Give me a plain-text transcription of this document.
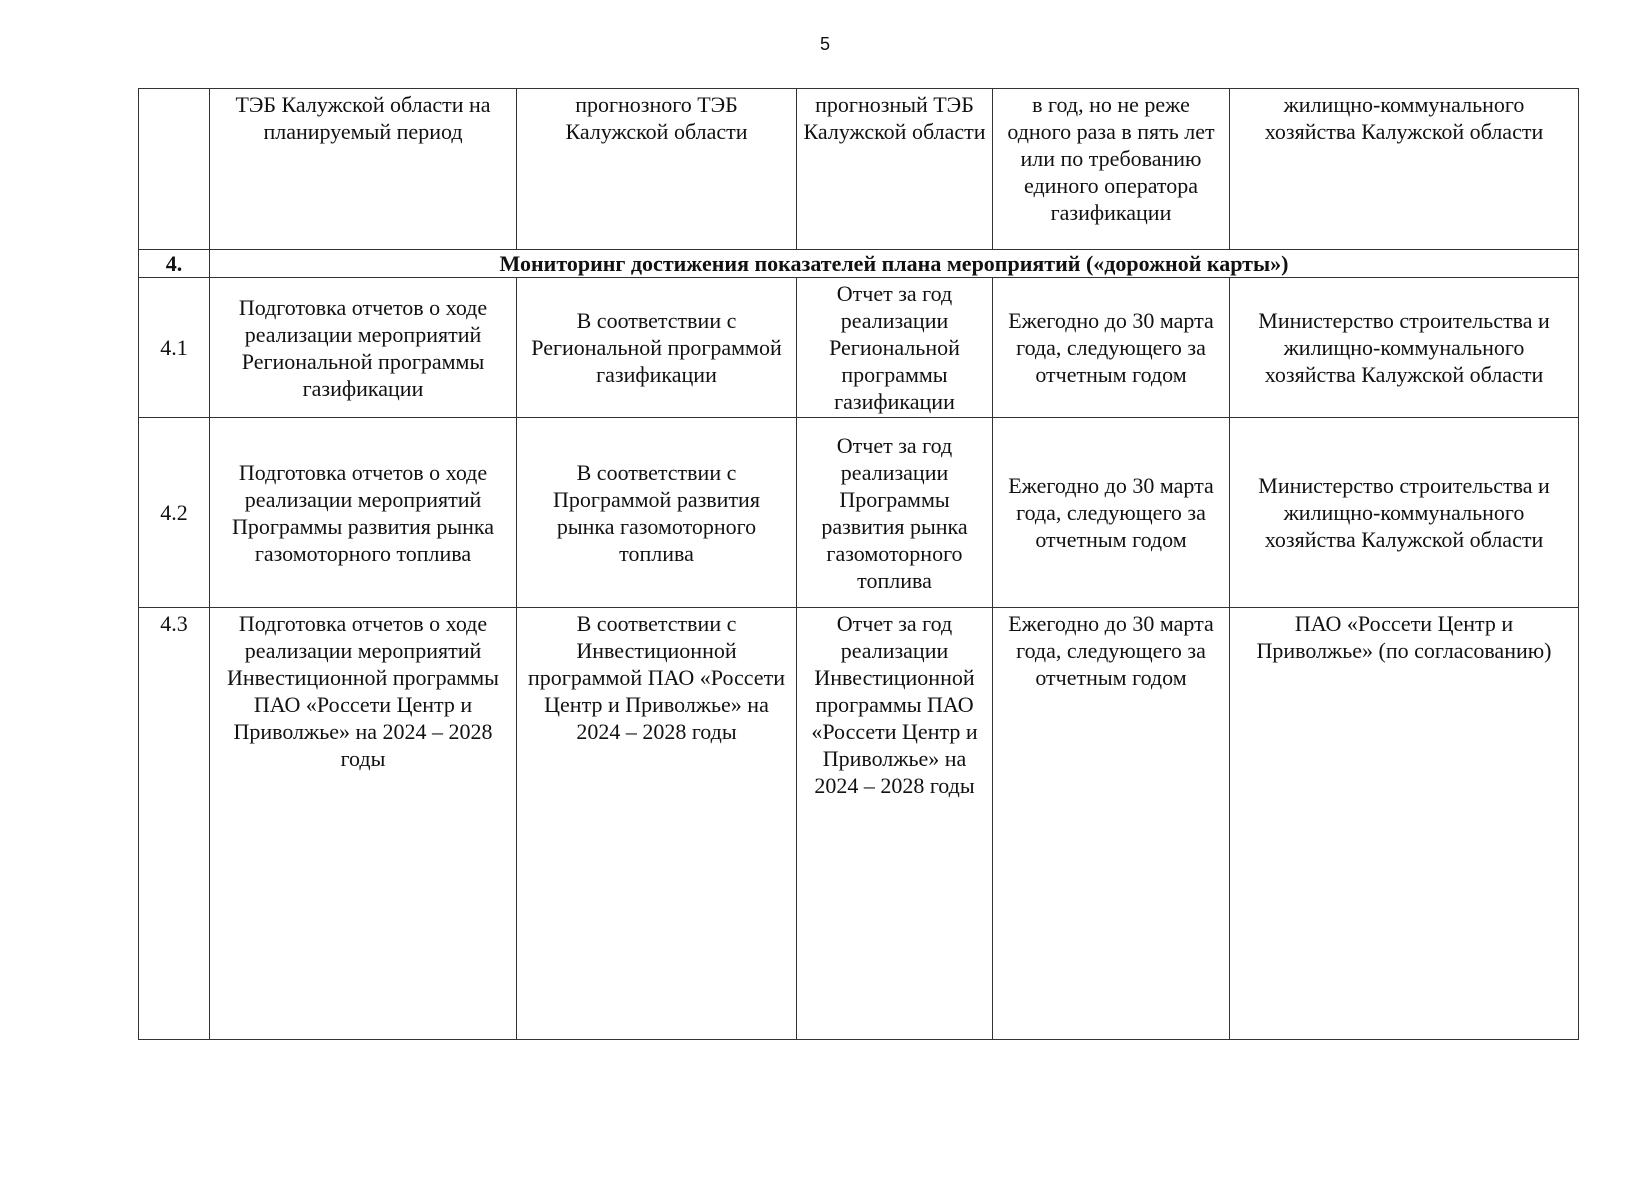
5
	ТЭБ Калужской области на планируемый период	прогнозного ТЭБ Калужской области	прогнозный ТЭБ Калужской области	в год, но не реже одного раза в пять лет или по требованию единого оператора газификации	жилищно-коммунального хозяйства Калужской области
4.	Мониторинг достижения показателей плана мероприятий («дорожной карты»)				
4.1	Подготовка отчетов о ходе реализации мероприятий Региональной программы газификации	В соответствии с Региональной программой газификации	Отчет за год реализации Региональной программы газификации	Ежегодно до 30 марта года, следующего за отчетным годом	Министерство строительства и жилищно-коммунального хозяйства Калужской области
4.2	Подготовка отчетов о ходе реализации мероприятий Программы развития рынка газомоторного топлива	В соответствии с Программой развития рынка газомоторного топлива	Отчет за год реализации Программы развития рынка газомоторного топлива	Ежегодно до 30 марта года, следующего за отчетным годом	Министерство строительства и жилищно-коммунального хозяйства Калужской области
4.3	Подготовка отчетов о ходе реализации мероприятий Инвестиционной программы ПАО «Россети Центр и Приволжье» на 2024 – 2028 годы	В соответствии с Инвестиционной программой ПАО «Россети Центр и Приволжье» на 2024 – 2028 годы	Отчет за год реализации Инвестиционной программы ПАО «Россети Центр и Приволжье» на 2024 – 2028 годы	Ежегодно до 30 марта года, следующего за отчетным годом	ПАО «Россети Центр и Приволжье» (по согласованию)
